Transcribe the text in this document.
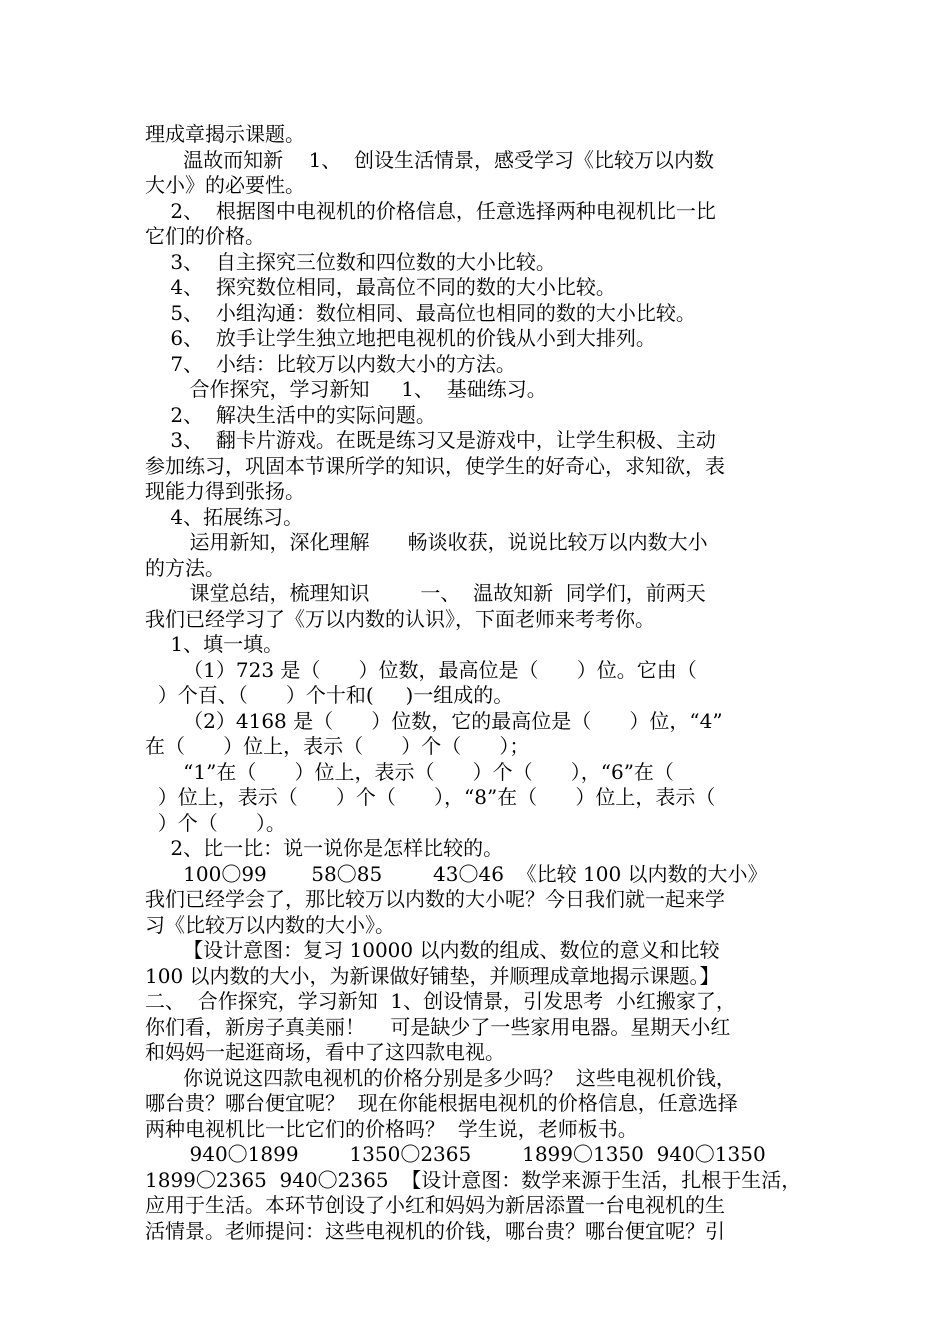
理成章揭示课题。
温故而知新    1、  创设生活情景，感受学习《比较万以内数
大小》的必要性。
2、  根据图中电视机的价格信息，任意选择两种电视机比一比
它们的价格。
3、  自主探究三位数和四位数的大小比较。
4、  探究数位相同，最高位不同的数的大小比较。
5、  小组沟通：数位相同、最高位也相同的数的大小比较。
6、  放手让学生独立地把电视机的价钱从小到大排列。
7、  小结：比较万以内数大小的方法。
合作探究，学习新知     1、  基础练习。
2、  解决生活中的实际问题。
3、  翻卡片游戏。在既是练习又是游戏中，让学生积极、主动
参加练习，巩固本节课所学的知识，使学生的好奇心，求知欲，表
现能力得到张扬。
4、拓展练习。
运用新知，深化理解      畅谈收获，说说比较万以内数大小
的方法。
课堂总结，梳理知识        一、  温故知新  同学们，前两天
我们已经学习了《万以内数的认识》，下面老师来考考你。
1、填一填。
（1）723 是（      ）位数，最高位是（      ）位。它由（
）个百、（      ）个十和(     )一组成的。
（2）4168 是（      ）位数，它的最高位是（      ）位，“4”
在（      ）位上，表示（      ）个（      ）；
“1”在（      ）位上，表示（      ）个（      ），“6”在（
）位上，表示（      ）个（      ），“8”在（      ）位上，表示（
）个（      ）。
2、比一比：说一说你是怎样比较的。
100〇99       58〇85        43〇46  《比较 100 以内数的大小》
我们已经学会了，那比较万以内数的大小呢？今日我们就一起来学
习《比较万以内数的大小》。
【设计意图：复习 10000 以内数的组成、数位的意义和比较
100 以内数的大小，为新课做好铺垫，并顺理成章地揭示课题。】
二、  合作探究，学习新知  1、创设情景，引发思考  小红搬家了，
你们看，新房子真美丽！    可是缺少了一些家用电器。星期天小红
和妈妈一起逛商场，看中了这四款电视。
你说说这四款电视机的价格分别是多少吗？  这些电视机价钱，
哪台贵？哪台便宜呢？  现在你能根据电视机的价格信息，任意选择
两种电视机比一比它们的价格吗？  学生说，老师板书。
940〇1899        1350〇2365        1899〇1350  940〇1350
1899〇2365  940〇2365  【设计意图：数学来源于生活，扎根于生活，
应用于生活。本环节创设了小红和妈妈为新居添置一台电视机的生
活情景。老师提问：这些电视机的价钱，哪台贵？哪台便宜呢？引
